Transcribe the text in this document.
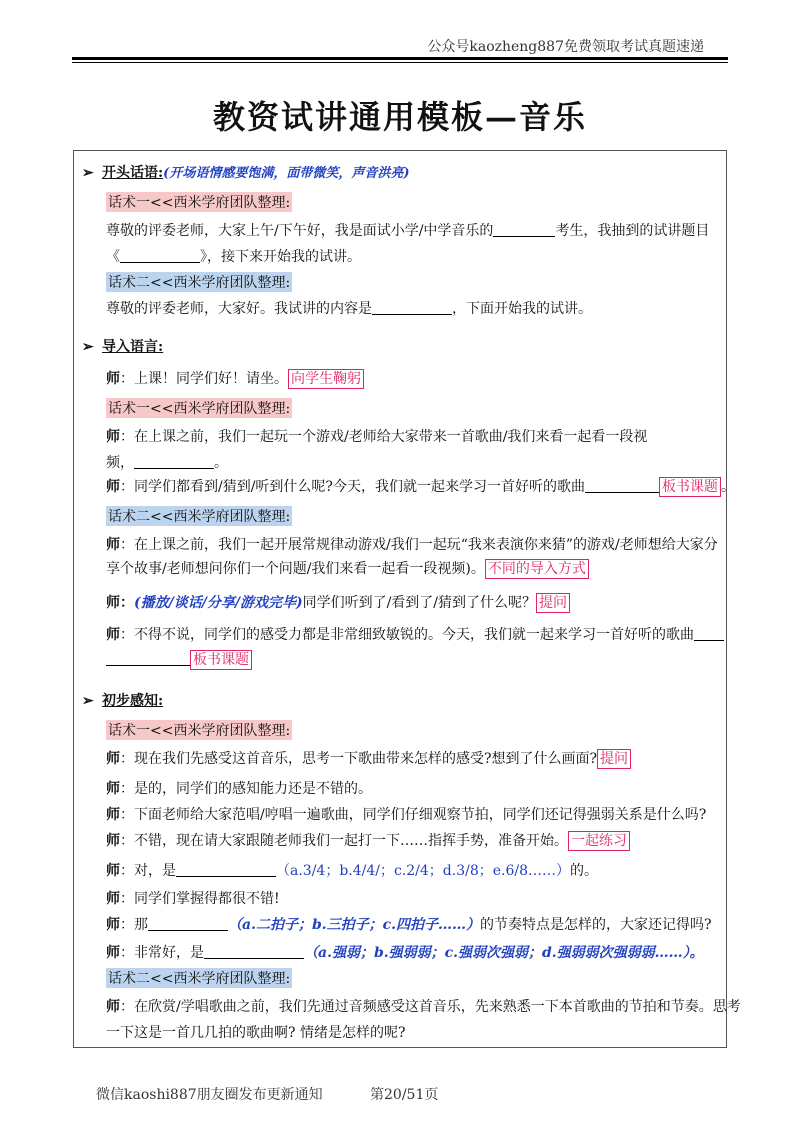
公众号kaozheng887免费领取考试真题速递
教资试讲通用模板—音乐
➢ 开头话语:(开场语情感要饱满，面带微笑，声音洪亮)
话术一<<西米学府团队整理:
尊敬的评委老师，大家上午/下午好，我是面试小学/中学音乐的	考生，我抽到的试讲题目
《	》，接下来开始我的试讲。
话术二<<西米学府团队整理:
尊敬的评委老师，大家好。我试讲的内容是	，下面开始我的试讲。
➢ 导入语言:
师：上课！同学们好！请坐。 向学生鞠躬
话术一<<西米学府团队整理:
师：在上课之前，我们一起玩一个游戏/老师给大家带来一首歌曲/我们来看一起看一段视
频，	。
师：同学们都看到/猜到/听到什么呢?今天，我们就一起来学习一首好听的歌曲	板书课题 。
话术二<<西米学府团队整理:
师：在上课之前，我们一起开展常规律动游戏/我们一起玩“我来表演你来猜”的游戏/老师想给大家分
享个故事/老师想问你们一个问题/我们来看一起看一段视频)。 不同的导入方式
师：(播放/谈话/分享/游戏完毕)同学们听到了/看到了/猜到了什么呢？ 提问
师：不得不说，同学们的感受力都是非常细致敏锐的。今天，我们就一起来学习一首好听的歌曲
板书课题
➢ 初步感知:
话术一<<西米学府团队整理:
师：现在我们先感受这首音乐，思考一下歌曲带来怎样的感受?想到了什么画面? 提问
师：是的，同学们的感知能力还是不错的。
师：下面老师给大家范唱/哼唱一遍歌曲，同学们仔细观察节拍，同学们还记得强弱关系是什么吗?
师：不错，现在请大家跟随老师我们一起打一下……指挥手势，准备开始。 一起练习
师：对，是	（a.3/4；b.4/4/；c.2/4；d.3/8；e.6/8……）的。
师：同学们掌握得都很不错!
师：那	（a.二拍子；b.三拍子；c.四拍子……）的节奏特点是怎样的，大家还记得吗?
师：非常好，是	（a.强弱；b.强弱弱；c.强弱次强弱；d.强弱弱次强弱弱……）。
话术二<<西米学府团队整理:
师：在欣赏/学唱歌曲之前，我们先通过音频感受这首音乐，先来熟悉一下本首歌曲的节拍和节奏。思考
一下这是一首几几拍的歌曲啊? 情绪是怎样的呢?
微信kaoshi887朋友圈发布更新通知	第20/51页
